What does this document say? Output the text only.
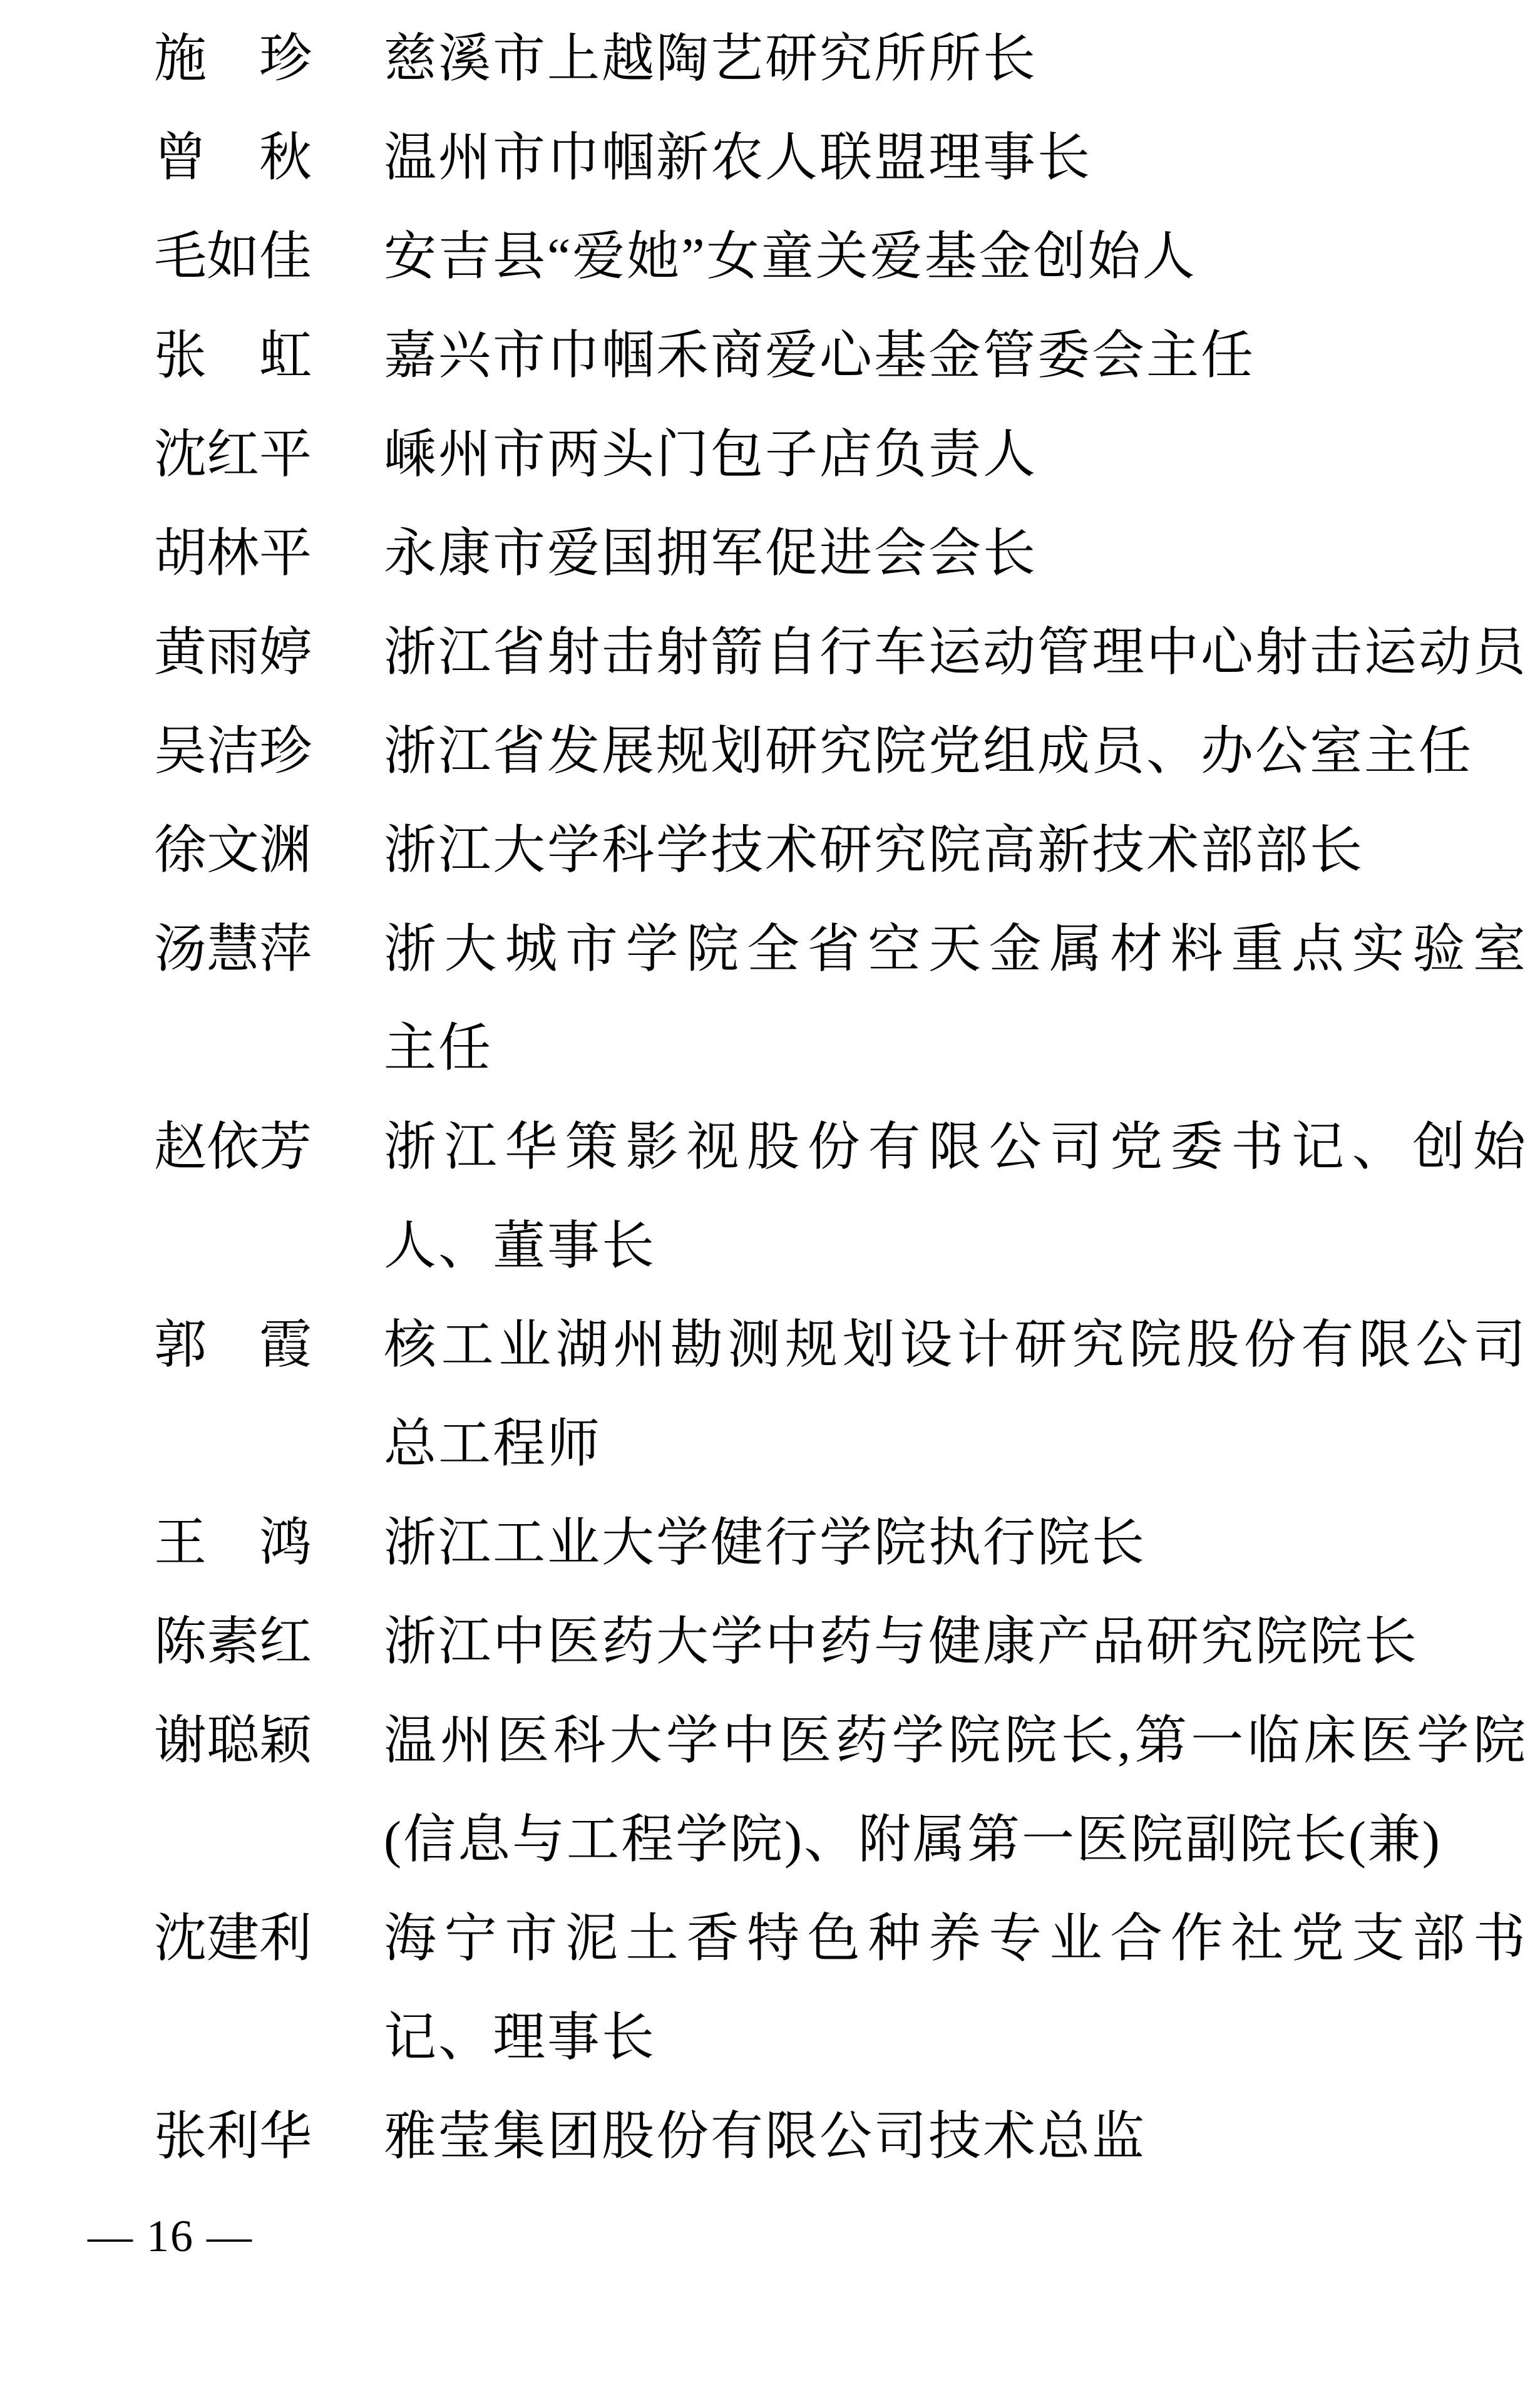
施　珍 慈溪市上越陶艺研究所所长
曾　秋 温州市巾帼新农人联盟理事长
毛如佳 安吉县“爱她”女童关爱基金创始人
张　虹 嘉兴市巾帼禾商爱心基金管委会主任
沈红平 嵊州市两头门包子店负责人
胡林平 永康市爱国拥军促进会会长
黄雨婷 浙江省射击射箭自行车运动管理中心射击运动员
吴洁珍 浙江省发展规划研究院党组成员、办公室主任
徐文渊 浙江大学科学技术研究院高新技术部部长
汤慧萍 浙大城市学院全省空天金属材料重点实验室
主任
赵依芳 浙江华策影视股份有限公司党委书记、创始
人、董事长
郭　霞 核工业湖州勘测规划设计研究院股份有限公司
总工程师
王　鸿 浙江工业大学健行学院执行院长
陈素红 浙江中医药大学中药与健康产品研究院院长
谢聪颖 温州医科大学中医药学院院长,第一临床医学院
(信息与工程学院)、附属第一医院副院长(兼)
沈建利 海宁市泥土香特色种养专业合作社党支部书
记、理事长
张利华 雅莹集团股份有限公司技术总监
— 16 —
